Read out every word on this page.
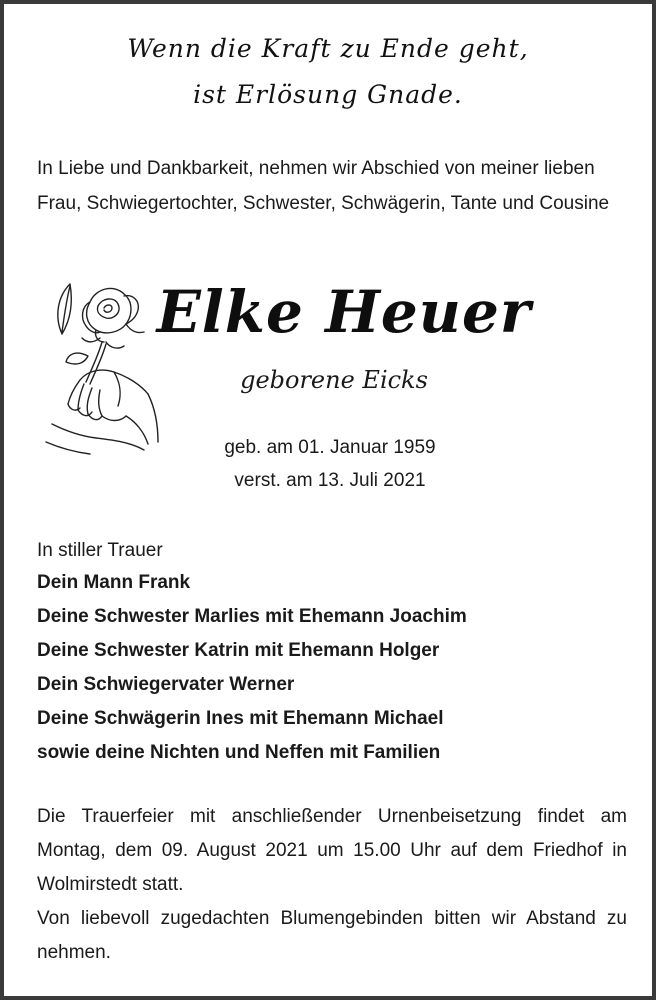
Wenn die Kraft zu Ende geht,
ist Erlösung Gnade.
In Liebe und Dankbarkeit, nehmen wir Abschied von meiner lieben Frau, Schwiegertochter, Schwester, Schwägerin, Tante und Cousine
Elke Heuer
geborene Eicks
geb. am 01. Januar 1959
verst. am 13. Juli 2021
In stiller Trauer
Dein Mann Frank
Deine Schwester Marlies mit Ehemann Joachim
Deine Schwester Katrin mit Ehemann Holger
Dein Schwiegervater Werner
Deine Schwägerin Ines mit Ehemann Michael
sowie deine Nichten und Neffen mit Familien

Die Trauerfeier mit anschließender Urnenbeisetzung findet am Montag, dem 09. August 2021 um 15.00 Uhr auf dem Friedhof in Wolmirstedt statt.

Von liebevoll zugedachten Blumengebinden bitten wir Abstand zu nehmen.
